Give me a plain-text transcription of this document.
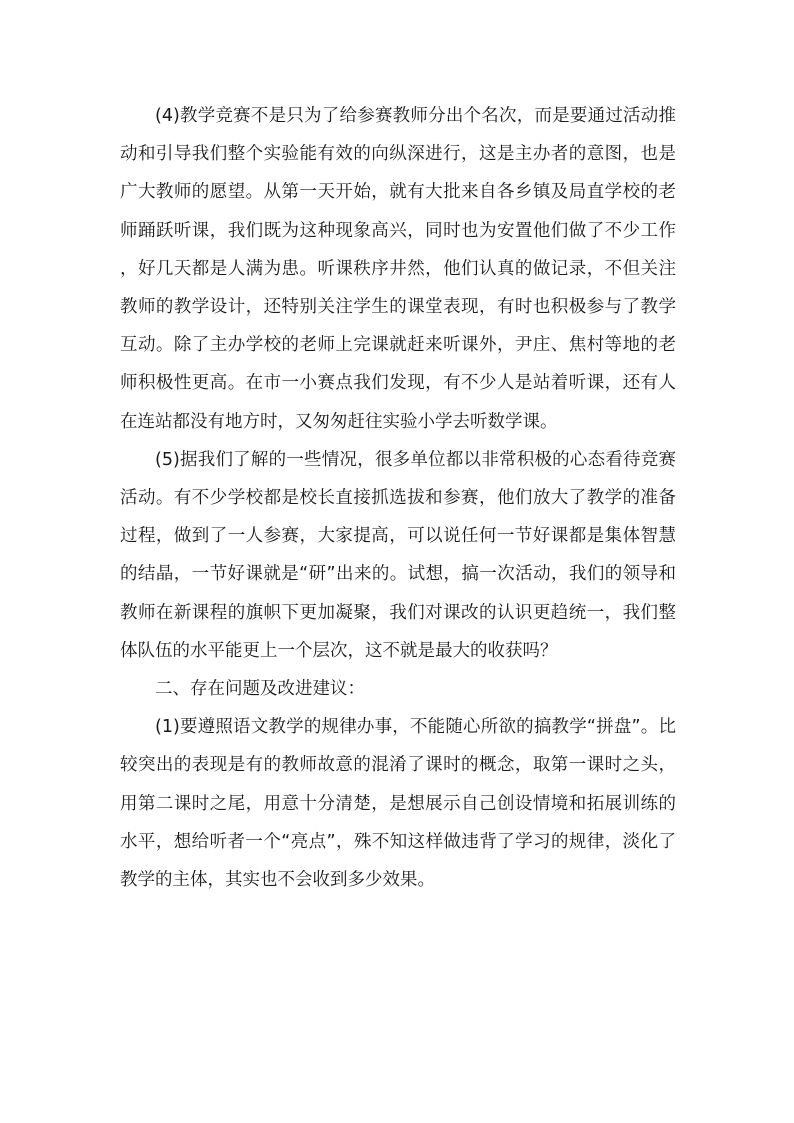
(4)教学竞赛不是只为了给参赛教师分出个名次，而是要通过活动推动和引导我们整个实验能有效的向纵深进行，这是主办者的意图，也是广大教师的愿望。从第一天开始，就有大批来自各乡镇及局直学校的老师踊跃听课，我们既为这种现象高兴，同时也为安置他们做了不少工作，好几天都是人满为患。听课秩序井然，他们认真的做记录，不但关注教师的教学设计，还特别关注学生的课堂表现，有时也积极参与了教学互动。除了主办学校的老师上完课就赶来听课外，尹庄、焦村等地的老师积极性更高。在市一小赛点我们发现，有不少人是站着听课，还有人在连站都没有地方时，又匆匆赶往实验小学去听数学课。

(5)据我们了解的一些情况，很多单位都以非常积极的心态看待竞赛活动。有不少学校都是校长直接抓选拔和参赛，他们放大了教学的准备过程，做到了一人参赛，大家提高，可以说任何一节好课都是集体智慧的结晶，一节好课就是“研”出来的。试想，搞一次活动，我们的领导和教师在新课程的旗帜下更加凝聚，我们对课改的认识更趋统一，我们整体队伍的水平能更上一个层次，这不就是最大的收获吗？

二、存在问题及改进建议：

(1)要遵照语文教学的规律办事，不能随心所欲的搞教学“拼盘”。比较突出的表现是有的教师故意的混淆了课时的概念，取第一课时之头，用第二课时之尾，用意十分清楚，是想展示自己创设情境和拓展训练的水平，想给听者一个“亮点”，殊不知这样做违背了学习的规律，淡化了教学的主体，其实也不会收到多少效果。
